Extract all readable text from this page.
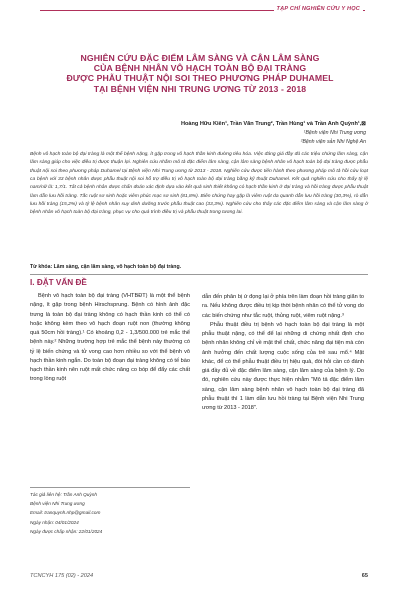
TẠP CHÍ NGHIÊN CỨU Y HỌC
NGHIÊN CỨU ĐẶC ĐIỂM LÂM SÀNG VÀ CẬN LÂM SÀNG
CỦA BỆNH NHÂN VÔ HẠCH TOÀN BỘ ĐẠI TRÀNG
ĐƯỢC PHẪU THUẬT NỘI SOI THEO PHƯƠNG PHÁP DUHAMEL
TẠI BỆNH VIỆN NHI TRUNG ƯƠNG TỪ 2013 - 2018
Hoàng Hữu Kiên¹, Trần Văn Trung², Trần Hùng¹ và Trần Anh Quỳnh¹,⊠
¹Bệnh viện Nhi Trung ương
²Bệnh viện sản Nhi Nghệ An
Bệnh vô hạch toàn bộ đại tràng là một thể bệnh nặng, ít gặp trong vô hạch thần kinh đường tiêu hóa. Việc đáng giá đầy đủ các triệu chứng lâm sàng, cận lâm sàng giúp cho việc điều trị được thuận lợi. Nghiên cứu nhằm mô tả đặc điểm lâm sàng, cận lâm sàng bệnh nhân vô hạch toàn bộ đại tràng được phẫu thuật nội soi theo phương pháp Duhamel tại Bệnh viện Nhi Trung ương từ 2013 - 2018. Nghiên cứu được tiến hành theo phương pháp mô tả hồi cứu loạt ca bệnh với 33 bệnh nhân được phẫu thuật nội soi hỗ trợ điều trị vô hạch toàn bộ đại tràng bằng kỹ thuật Duhamel. Kết quả nghiên cứu cho thấy tỷ lệ nam/nữ là: 1,7/1. Tất cả bệnh nhân được chẩn đoán xác định dựa vào kết quả sinh thiết không có hạch thần kinh ở đại tràng và hồi tràng được phẫu thuật làm dẫn lưu hồi tràng. Tắc ruột sơ sinh hoặc viêm phúc mạc sơ sinh (81,8%). Biến chứng hay gặp là viêm ruột da quanh dẫn lưu hồi tràng (30,3%), rò dẫn lưu hồi tràng (15,2%) và tỷ lệ bệnh nhân suy dinh dưỡng trước phẫu thuật cao (33,3%). Nghiên cứu cho thấy các đặc điểm lâm sàng và cận lâm sàng ở bệnh nhân vô hạch toàn bộ đại tràng, phục vụ cho quá trình điều trị và phẫu thuật trong tương lai.
Từ khóa: Lâm sàng, cận lâm sàng, vô hạch toàn bộ đại tràng.
I. ĐẶT VẤN ĐỀ

Bệnh vô hạch toàn bộ đại tràng (VHTBĐT) là một thể bệnh nặng, ít gặp trong bệnh Hirschsprung. Bệnh có hình ảnh đặc trưng là toàn bộ đại tràng không có hạch thần kinh có thể có hoặc không kèm theo vô hạch đoạn ruột non (thường không quá 50cm hồi tràng).¹ Có khoảng 0,2 - 1,3/500.000 trẻ mắc thể bệnh này.² Những trường hợp trẻ mắc thể bệnh này thường có tỷ lệ biến chứng và tử vong cao hơn nhiều so với thể bệnh vô hạch thần kinh ngắn. Do toàn bộ đoạn đại tràng không có tế bào hạch thần kinh nên ruột mất chức năng co bóp để đẩy các chất trong lòng ruột

dẫn đến phân bị ứ đọng lại ở phía trên làm đoạn hồi tràng giãn to ra. Nếu không được điều trị kịp thời bệnh nhân có thể tử vong do các biến chứng như tắc ruột, thủng ruột, viêm ruột nặng.³

Phẫu thuật điều trị bệnh vô hạch toàn bộ đại tràng là một phẫu thuật nặng, có thể để lại những di chứng nhất định cho bệnh nhân không chỉ về mặt thể chất, chức năng đại tiện mà còn ảnh hưởng đến chất lượng cuộc sống của trẻ sau mổ.⁴ Mặt khác, để có thể phẫu thuật điều trị hiệu quả, đòi hỏi cần có đánh giá đầy đủ về đặc điểm lâm sàng, cận lâm sàng của bệnh lý. Do đó, nghiên cứu này được thực hiện nhằm "Mô tả đặc điểm lâm sàng, cận lâm sàng bệnh nhân vô hạch toàn bộ đại tràng đã phẫu thuật thì 1 làm dẫn lưu hồi tràng tại Bệnh viện Nhi Trung ương từ 2013 - 2018".

Tác giả liên hệ: Trần Anh Quỳnh
Bệnh viện Nhi Trung ương
Email: tranquynh.nhp@gmail.com
Ngày nhận: 04/01/2024
Ngày được chấp nhận: 22/01/2024
TCNCYH 175 (02) - 2024	65
